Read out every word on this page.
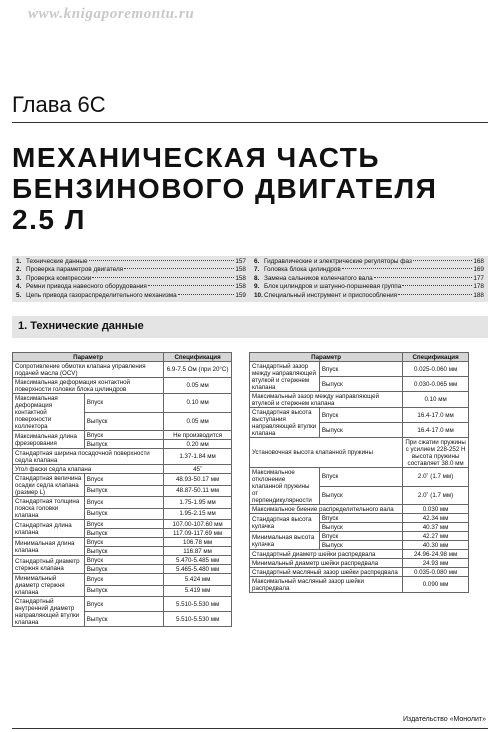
www.knigaporemontu.ru
Глава 6С
МЕХАНИЧЕСКАЯ ЧАСТЬ
БЕНЗИНОВОГО ДВИГАТЕЛЯ
2.5 Л
1. Технические данные	157
2. Проверка параметров двигателя	158
3. Проверка компрессии	158
4. Ремни привода навесного оборудования	158
5. Цепь привода газораспределительного механизма	159
6. Гидравлические и электрические регуляторы фаз	168
7. Головка блока цилиндров	169
8. Замена сальников коленчатого вала	177
9. Блок цилиндров и шатунно-поршневая группа	178
10. Специальный инструмент и приспособления	188
1. Технические данные
Параметр		Спецификация
Сопротивление обмотки клапана управления подачей масла (OCV)		6.9-7.5 Ом (при 20°C)
Максимальная деформация контактной поверхности головки блока цилиндров		0.05 мм
Максимальная деформация контактной поверхности коллектора	Впуск	0.10 мм
	Выпуск	0.05 мм
Максимальная длина фрезерования	Впуск	Не производится
	Выпуск	0.20 мм
Стандартная ширина посадочной поверхности седла клапана		1.37-1.84 мм
Угол фаски седла клапана		45˚
Стандартная величина осадки седла клапана (размер L)	Впуск	48.93-50.17 мм
	Выпуск	48.87-50.11 мм
Стандартная толщина пояска головки клапана	Впуск	1.75-1.95 мм
	Выпуск	1.95-2.15 мм
Стандартная длина клапана	Впуск	107.00-107.60 мм
	Выпуск	117.09-117.69 мм
Минимальная длина клапана	Впуск	106.78 мм
	Выпуск	116.87 мм
Стандартный диаметр стержня клапана	Впуск	5.470-5.485 мм
	Выпуск	5.465-5.480 мм
Минимальный диаметр стержня клапана	Впуск	5.424 мм
	Выпуск	5.419 мм
Стандартный внутренний диаметр направляющей втулки клапана	Впуск	5.510-5.530 мм
	Выпуск	5.510-5.530 мм
Параметр		Спецификация
Стандартный зазор между направляющей втулкой и стержнем клапана	Впуск	0.025-0.060 мм
	Выпуск	0.030-0.065 мм
Максимальный зазор между направляющей втулкой и стержнем клапана		0.10 мм
Стандартная высота выступания направляющей втулки клапана	Впуск	16.4-17.0 мм
	Выпуск	16.4-17.0 мм
Установочная высота клапанной пружины		При сжатии пружины с усилием 228-252 Н высота пружины составляет 38.0 мм
Максимальное отклонение клапанной пружины от перпендикулярности	Впуск	2.0˚ (1.7 мм)
	Выпуск	2.0˚ (1.7 мм)
Максимальное биение распределительного вала		0.030 мм
Стандартная высота кулачка	Впуск	42.34 мм
	Выпуск	40.37 мм
Минимальная высота кулачка	Впуск	42.27 мм
	Выпуск	40.30 мм
Стандартный диаметр шейки распредвала		24.96-24.98 мм
Минимальный диаметр шейки распредвала		24.93 мм
Стандартный масляный зазор шейки распредвала		0.035-0.080 мм
Максимальный масляный зазор шейки распредвала		0.090 мм
Издательство «Монолит»
